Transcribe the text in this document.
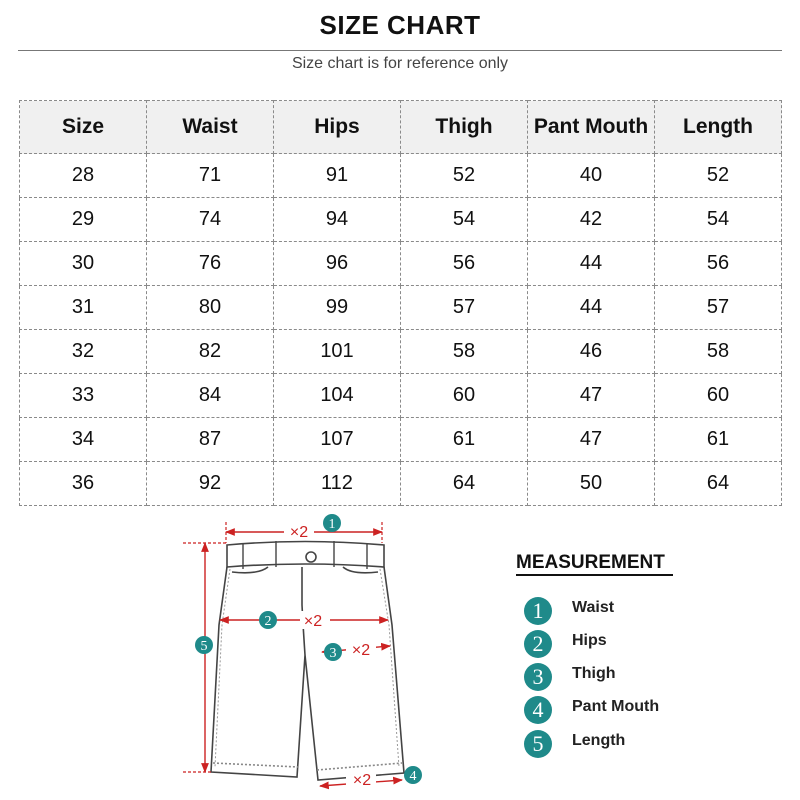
SIZE CHART
Size chart is for reference only
Size	Waist	Hips	Thigh	Pant Mouth	Length
28	71	91	52	40	52
29	74	94	54	42	54
30	76	96	56	44	56
31	80	99	57	44	57
32	82	101	58	46	58
33	84	104	60	47	60
34	87	107	61	47	61
36	92	112	64	50	64
×2 1
×2
2
×2
3
×2	4
5
MEASUREMENT
1	Waist
2	Hips
3	Thigh
4	Pant Mouth
5	Length
